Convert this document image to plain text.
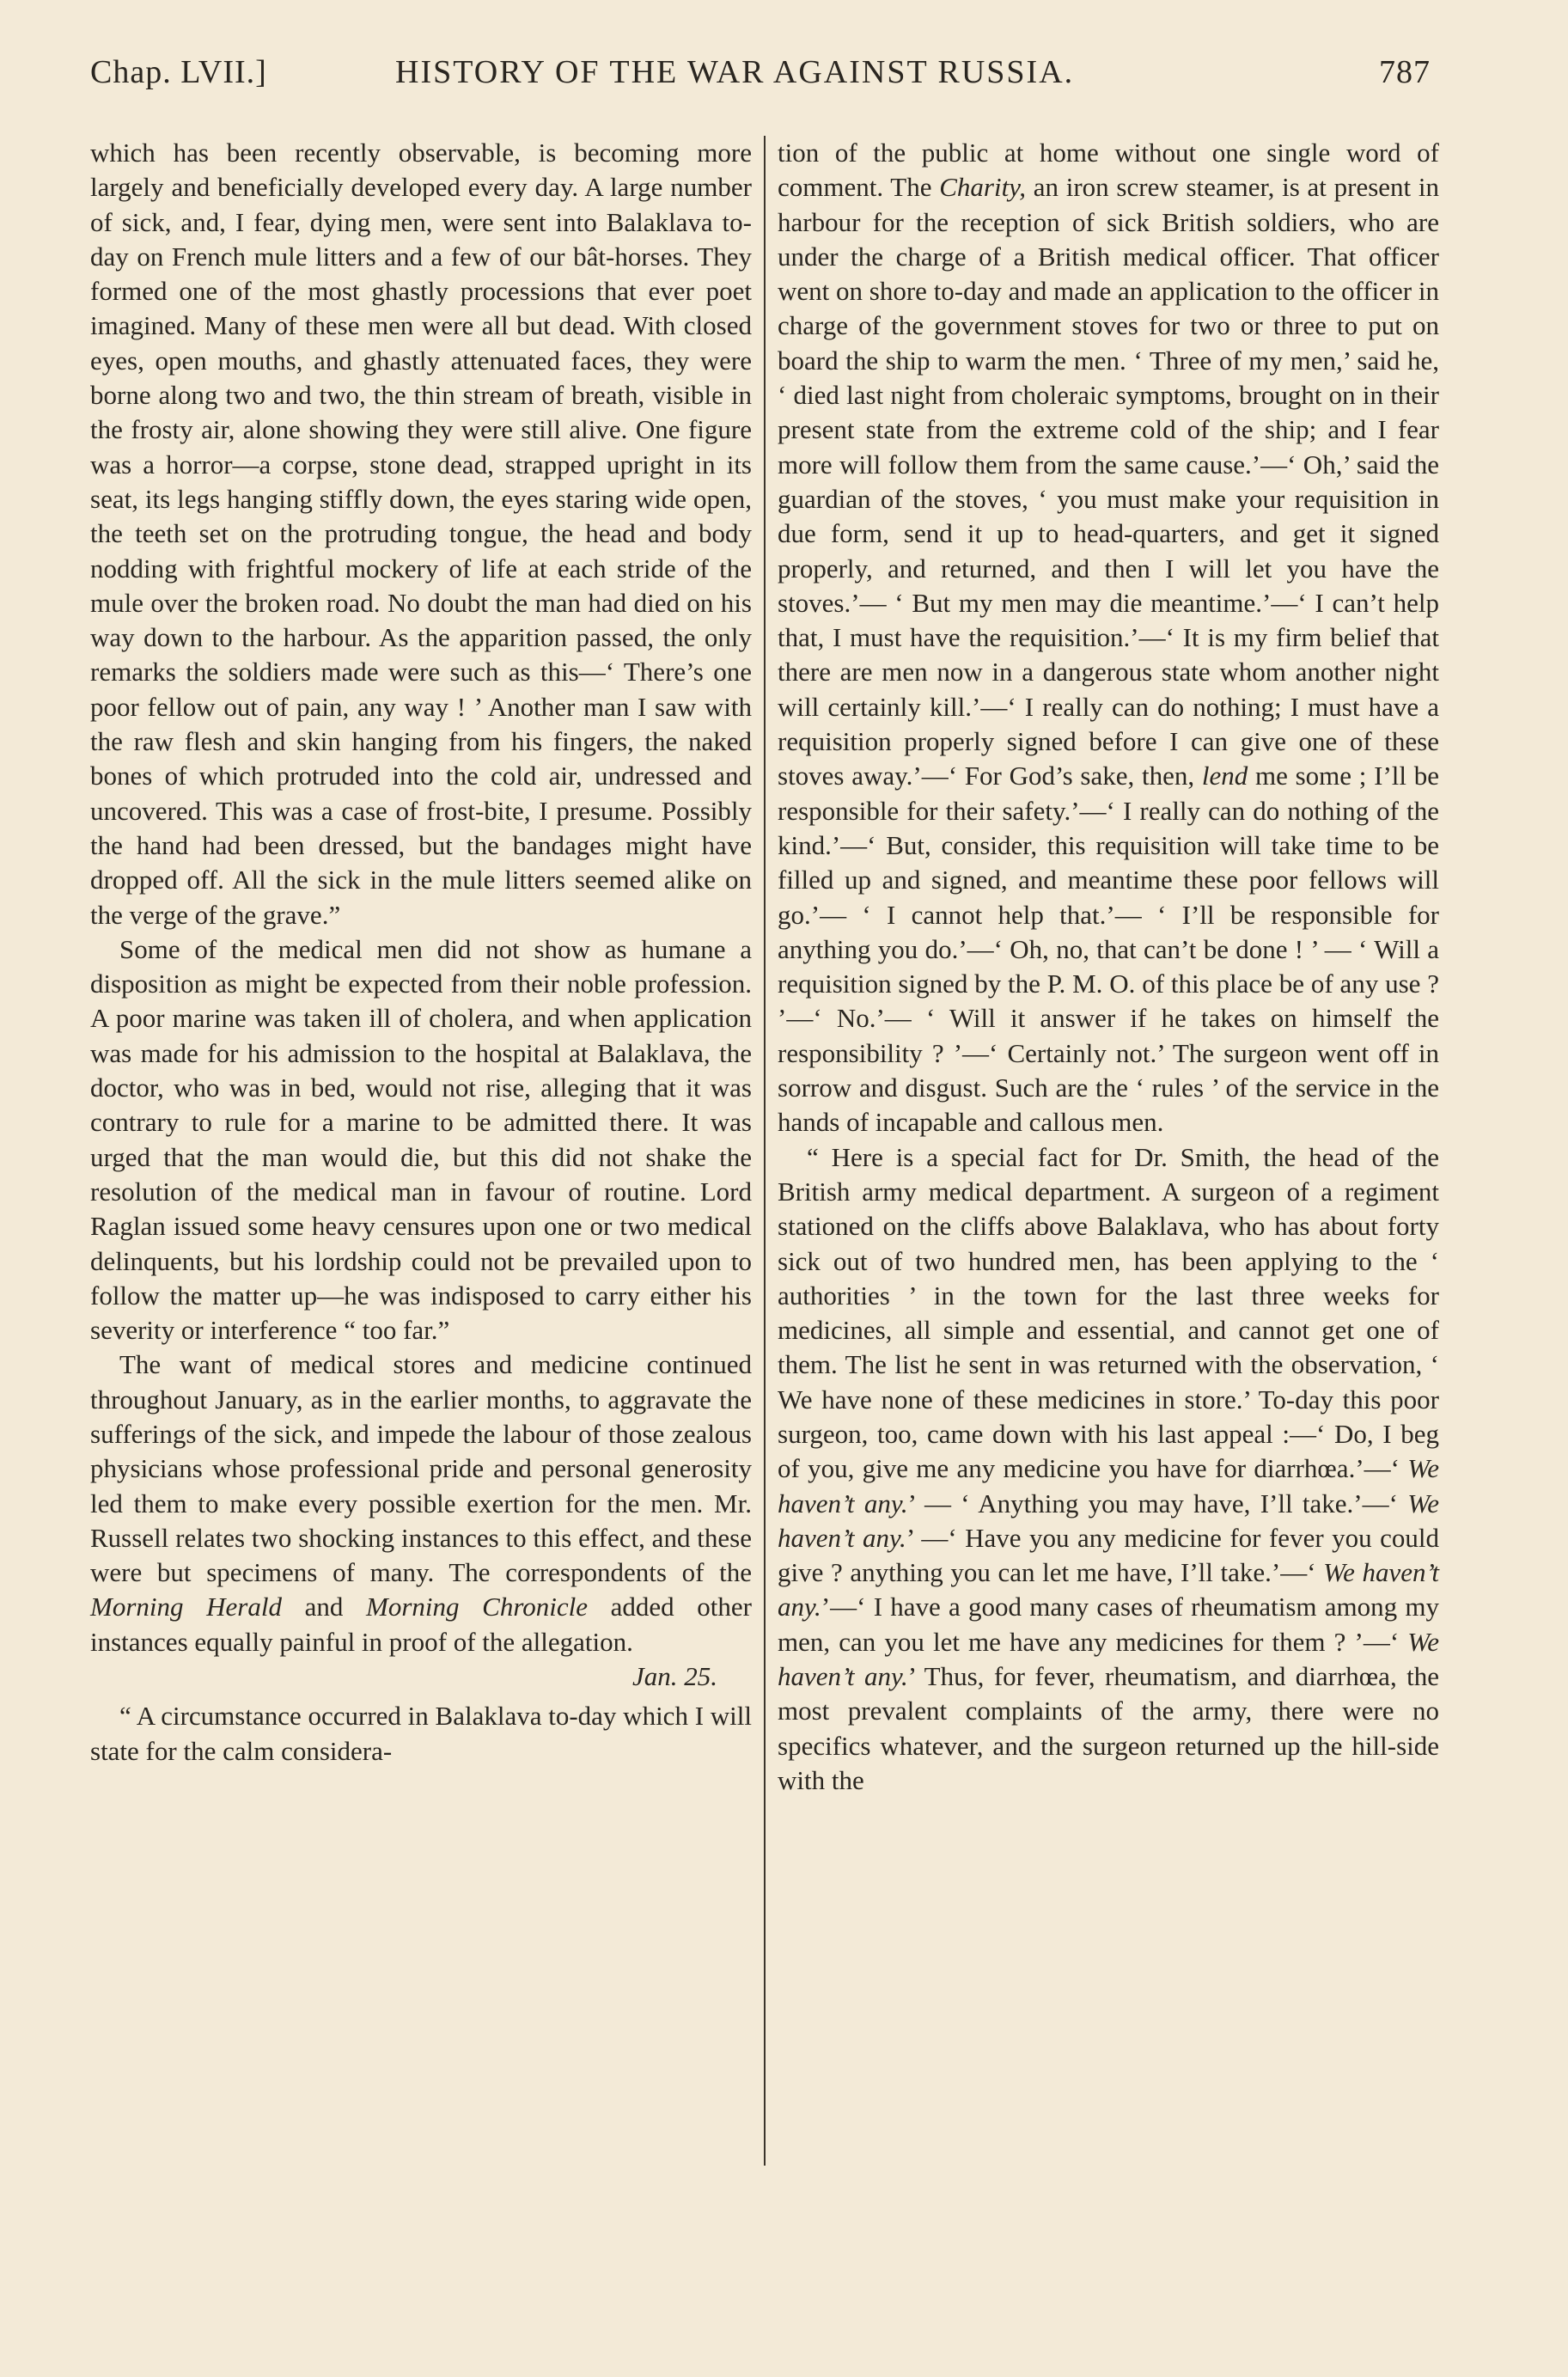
Chap. LVII.]	HISTORY OF THE WAR AGAINST RUSSIA.	787

which has been recently observable, is becoming more largely and beneficially developed every day. A large number of sick, and, I fear, dying men, were sent into Balaklava to-day on French mule litters and a few of our bât-horses. They formed one of the most ghastly processions that ever poet imagined. Many of these men were all but dead. With closed eyes, open mouths, and ghastly attenuated faces, they were borne along two and two, the thin stream of breath, visible in the frosty air, alone showing they were still alive. One figure was a horror—a corpse, stone dead, strapped upright in its seat, its legs hanging stiffly down, the eyes staring wide open, the teeth set on the protruding tongue, the head and body nodding with frightful mockery of life at each stride of the mule over the broken road. No doubt the man had died on his way down to the harbour. As the apparition passed, the only remarks the soldiers made were such as this—‘ There’s one poor fellow out of pain, any way ! ’ Another man I saw with the raw flesh and skin hanging from his fingers, the naked bones of which protruded into the cold air, undressed and uncovered. This was a case of frost-bite, I presume. Possibly the hand had been dressed, but the bandages might have dropped off. All the sick in the mule litters seemed alike on the verge of the grave.”

Some of the medical men did not show as humane a disposition as might be expected from their noble profession. A poor marine was taken ill of cholera, and when application was made for his admission to the hospital at Balaklava, the doctor, who was in bed, would not rise, alleging that it was contrary to rule for a marine to be admitted there. It was urged that the man would die, but this did not shake the resolution of the medical man in favour of routine. Lord Raglan issued some heavy censures upon one or two medical delinquents, but his lordship could not be prevailed upon to follow the matter up—he was indisposed to carry either his severity or interference “ too far.”

The want of medical stores and medicine continued throughout January, as in the earlier months, to aggravate the sufferings of the sick, and impede the labour of those zealous physicians whose professional pride and personal generosity led them to make every possible exertion for the men. Mr. Russell relates two shocking instances to this effect, and these were but specimens of many. The correspondents of the Morning Herald and Morning Chronicle added other instances equally painful in proof of the allegation.

Jan. 25.

“ A circumstance occurred in Balaklava to-day which I will state for the calm considera-

tion of the public at home without one single word of comment. The Charity, an iron screw steamer, is at present in harbour for the reception of sick British soldiers, who are under the charge of a British medical officer. That officer went on shore to-day and made an application to the officer in charge of the government stoves for two or three to put on board the ship to warm the men. ‘ Three of my men,’ said he, ‘ died last night from choleraic symptoms, brought on in their present state from the extreme cold of the ship; and I fear more will follow them from the same cause.’—‘ Oh,’ said the guardian of the stoves, ‘ you must make your requisition in due form, send it up to head-quarters, and get it signed properly, and returned, and then I will let you have the stoves.’— ‘ But my men may die meantime.’—‘ I can’t help that, I must have the requisition.’—‘ It is my firm belief that there are men now in a dangerous state whom another night will certainly kill.’—‘ I really can do nothing; I must have a requisition properly signed before I can give one of these stoves away.’—‘ For God’s sake, then, lend me some ; I’ll be responsible for their safety.’—‘ I really can do nothing of the kind.’—‘ But, consider, this requisition will take time to be filled up and signed, and meantime these poor fellows will go.’— ‘ I cannot help that.’— ‘ I’ll be responsible for anything you do.’—‘ Oh, no, that can’t be done ! ’ — ‘ Will a requisition signed by the P. M. O. of this place be of any use ? ’—‘ No.’— ‘ Will it answer if he takes on himself the responsibility ? ’—‘ Certainly not.’ The surgeon went off in sorrow and disgust. Such are the ‘ rules ’ of the service in the hands of incapable and callous men.

“ Here is a special fact for Dr. Smith, the head of the British army medical department. A surgeon of a regiment stationed on the cliffs above Balaklava, who has about forty sick out of two hundred men, has been applying to the ‘ authorities ’ in the town for the last three weeks for medicines, all simple and essential, and cannot get one of them. The list he sent in was returned with the observation, ‘ We have none of these medicines in store.’ To-day this poor surgeon, too, came down with his last appeal :—‘ Do, I beg of you, give me any medicine you have for diarrhœa.’—‘ We haven’t any.’ — ‘ Anything you may have, I’ll take.’—‘ We haven’t any.’ —‘ Have you any medicine for fever you could give ? anything you can let me have, I’ll take.’—‘ We haven’t any.’—‘ I have a good many cases of rheumatism among my men, can you let me have any medicines for them ? ’—‘ We haven’t any.’ Thus, for fever, rheumatism, and diarrhœa, the most prevalent complaints of the army, there were no specifics whatever, and the surgeon returned up the hill-side with the
